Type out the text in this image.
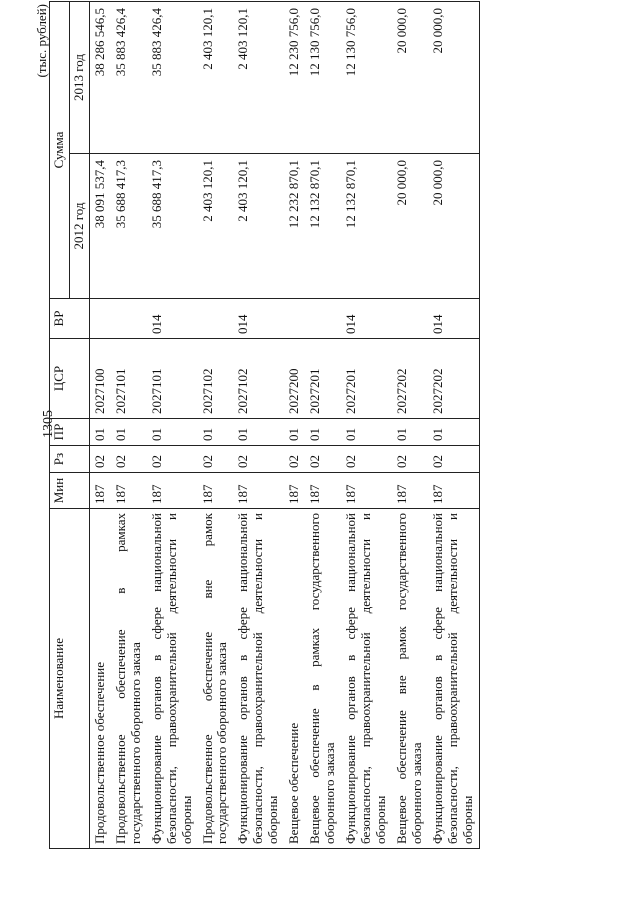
1305
(тыс. рублей)
Наименование	Мин	Рз	ПР	ЦСР	ВР	Сумма	
						2012 год	2013 год
Продовольственное обеспечение	187	02	01	2027100		38 091 537,4	38 286 546,5
Продовольственное обеспечение в рамках государственного оборонного заказа	187	02	01	2027101		35 688 417,3	35 883 426,4
Функционирование органов в сфере национальной безопасности, правоохранительной деятельности и обороны	187	02	01	2027101	014	35 688 417,3	35 883 426,4
Продовольственное обеспечение вне рамок государственного оборонного заказа	187	02	01	2027102		2 403 120,1	2 403 120,1
Функционирование органов в сфере национальной безопасности, правоохранительной деятельности и обороны	187	02	01	2027102	014	2 403 120,1	2 403 120,1
Вещевое обеспечение	187	02	01	2027200		12 232 870,1	12 230 756,0
Вещевое обеспечение в рамках государственного оборонного заказа	187	02	01	2027201		12 132 870,1	12 130 756,0
Функционирование органов в сфере национальной безопасности, правоохранительной деятельности и обороны	187	02	01	2027201	014	12 132 870,1	12 130 756,0
Вещевое обеспечение вне рамок государственного оборонного заказа	187	02	01	2027202		20 000,0	20 000,0
Функционирование органов в сфере национальной безопасности, правоохранительной деятельности и обороны	187	02	01	2027202	014	20 000,0	20 000,0
